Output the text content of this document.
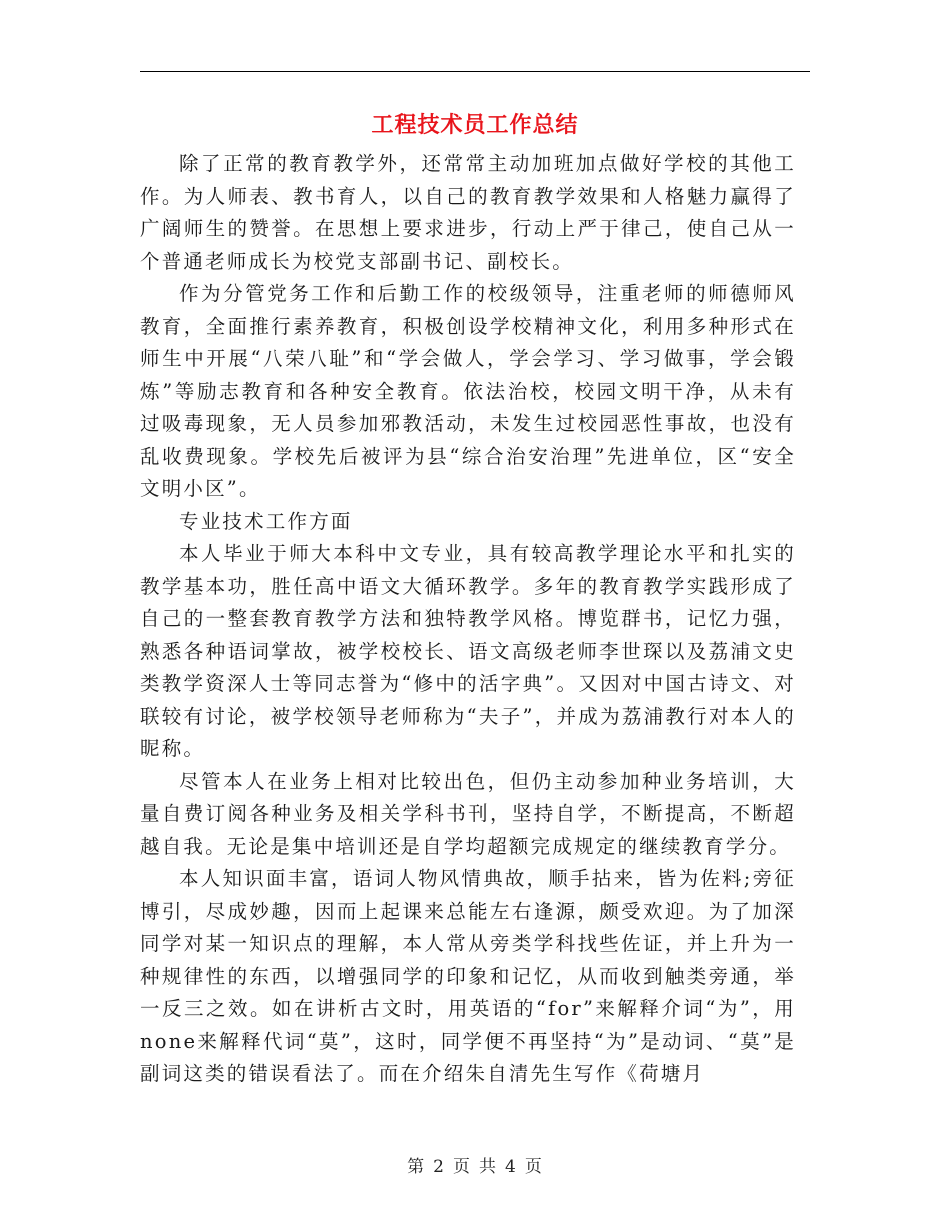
工程技术员工作总结

除了正常的教育教学外，还常常主动加班加点做好学校的其他工作。为人师表、教书育人，以自己的教育教学效果和人格魅力赢得了广阔师生的赞誉。在思想上要求进步，行动上严于律己，使自己从一个普通老师成长为校党支部副书记、副校长。

作为分管党务工作和后勤工作的校级领导，注重老师的师德师风教育，全面推行素养教育，积极创设学校精神文化，利用多种形式在师生中开展“八荣八耻”和“学会做人，学会学习、学习做事，学会锻炼”等励志教育和各种安全教育。依法治校，校园文明干净，从未有过吸毒现象，无人员参加邪教活动，未发生过校园恶性事故，也没有乱收费现象。学校先后被评为县“综合治安治理”先进单位，区“安全文明小区”。

专业技术工作方面

本人毕业于师大本科中文专业，具有较高教学理论水平和扎实的教学基本功，胜任高中语文大循环教学。多年的教育教学实践形成了自己的一整套教育教学方法和独特教学风格。博览群书，记忆力强，熟悉各种语词掌故，被学校校长、语文高级老师李世琛以及荔浦文史类教学资深人士等同志誉为“修中的活字典”。又因对中国古诗文、对联较有讨论，被学校领导老师称为“夫子”，并成为荔浦教行对本人的昵称。

尽管本人在业务上相对比较出色，但仍主动参加种业务培训，大量自费订阅各种业务及相关学科书刊，坚持自学，不断提高，不断超越自我。无论是集中培训还是自学均超额完成规定的继续教育学分。

本人知识面丰富，语词人物风情典故，顺手拈来，皆为佐料;旁征博引，尽成妙趣，因而上起课来总能左右逢源，颇受欢迎。为了加深同学对某一知识点的理解，本人常从旁类学科找些佐证，并上升为一种规律性的东西，以增强同学的印象和记忆，从而收到触类旁通，举一反三之效。如在讲析古文时，用英语的“for”来解释介词“为”，用none来解释代词“莫”，这时，同学便不再坚持“为”是动词、“莫”是副词这类的错误看法了。而在介绍朱自清先生写作《荷塘月

第 2 页 共 4 页
